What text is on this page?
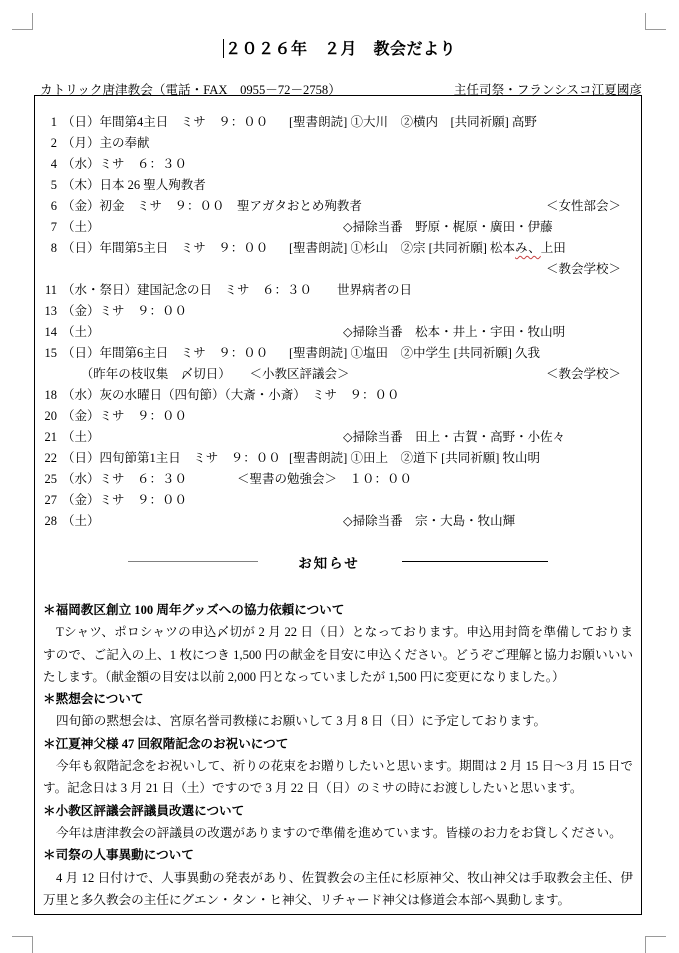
２０２６年　２月　教会だより
カトリック唐津教会（電話・FAX　0955－72－2758）	主任司祭・フランシスコ江夏國彦
1 （日）年間第4主日　ミサ　９：００ [聖書朗読] ①大川　②横内　[共同祈願] 高野
2 （月）主の奉献
4 （水）ミサ　６：３０
5 （木）日本 26 聖人殉教者
6 （金）初金　ミサ　９：００　聖アガタおとめ殉教者	＜女性部会＞
7 （土）	◇掃除当番　野原・梶原・廣田・伊藤
8 （日）年間第5主日　ミサ　９：００ [聖書朗読] ①杉山　②宗 [共同祈願] 松本み、上田
＜教会学校＞
11 （水・祭日）建国記念の日　ミサ　６：３０　　世界病者の日
13 （金）ミサ　９：００
14 （土）	◇掃除当番　松本・井上・宇田・牧山明
15 （日）年間第6主日　ミサ　９：００ [聖書朗読] ①塩田　②中学生 [共同祈願] 久我
　　（昨年の枝収集　〆切日）　　＜小教区評議会＞	＜教会学校＞
18 （水）灰の水曜日（四旬節）（大斎・小斎）　ミサ　９：００
20 （金）ミサ　９：００
21 （土）	◇掃除当番　田上・古賀・高野・小佐々
22 （日）四旬節第1主日　ミサ　９：００ [聖書朗読] ①田上　②道下 [共同祈願] 牧山明
25 （水）ミサ　６：３０　　　　＜聖書の勉強会＞　１０：００
27 （金）ミサ　９：００
28 （土）	◇掃除当番　宗・大島・牧山輝
お知らせ
＊福岡教区創立 100 周年グッズへの協力依頼について
Tシャツ、ポロシャツの申込〆切が 2 月 22 日（日）となっております。申込用封筒を準備しておりますので、ご記入の上、1 枚につき 1,500 円の献金を目安に申込ください。どうぞご理解と協力お願いいいたします。（献金額の目安は以前 2,000 円となっていましたが 1,500 円に変更になりました。）
＊黙想会について
四旬節の黙想会は、宮原名誉司教様にお願いして 3 月 8 日（日）に予定しております。
＊江夏神父様 47 回叙階記念のお祝いにつて
今年も叙階記念をお祝いして、祈りの花束をお贈りしたいと思います。期間は 2 月 15 日～3 月 15 日です。記念日は 3 月 21 日（土）ですので 3 月 22 日（日）のミサの時にお渡ししたいと思います。
＊小教区評議会評議員改選について
今年は唐津教会の評議員の改選がありますので準備を進めています。皆様のお力をお貸しください。
＊司祭の人事異動について
4 月 12 日付けで、人事異動の発表があり、佐賀教会の主任に杉原神父、牧山神父は手取教会主任、伊万里と多久教会の主任にグエン・タン・ヒ神父、リチャード神父は修道会本部へ異動します。
